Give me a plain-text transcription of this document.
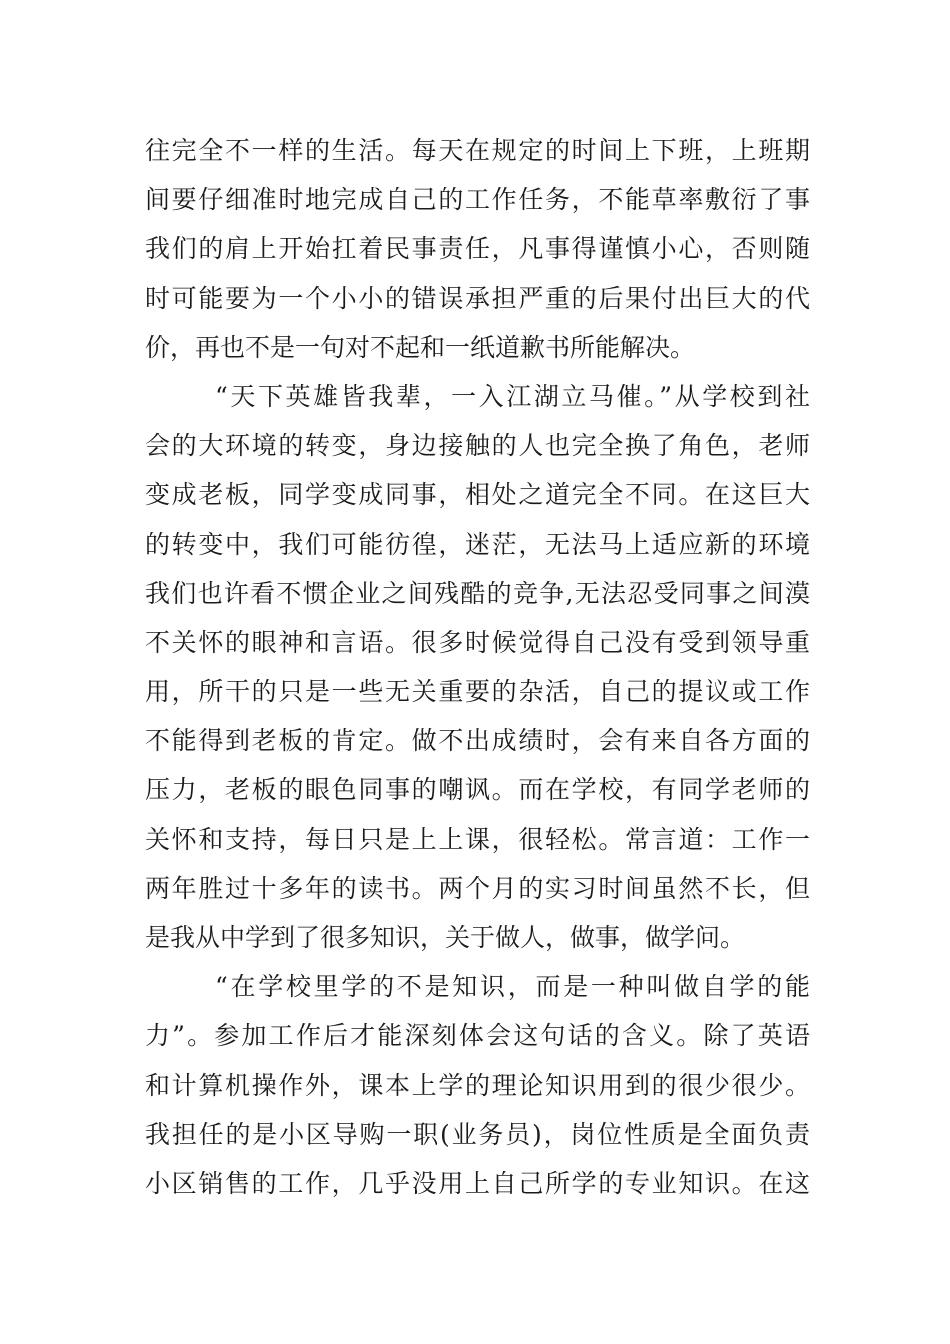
往完全不一样的生活。每天在规定的时间上下班，上班期
间要仔细准时地完成自己的工作任务，不能草率敷衍了事
我们的肩上开始扛着民事责任，凡事得谨慎小心，否则随
时可能要为一个小小的错误承担严重的后果付出巨大的代
价，再也不是一句对不起和一纸道歉书所能解决。
“天下英雄皆我辈，一入江湖立马催。”从学校到社
会的大环境的转变，身边接触的人也完全换了角色，老师
变成老板，同学变成同事，相处之道完全不同。在这巨大
的转变中，我们可能彷徨，迷茫，无法马上适应新的环境
我们也许看不惯企业之间残酷的竞争,无法忍受同事之间漠
不关怀的眼神和言语。很多时候觉得自己没有受到领导重
用，所干的只是一些无关重要的杂活，自己的提议或工作
不能得到老板的肯定。做不出成绩时，会有来自各方面的
压力，老板的眼色同事的嘲讽。而在学校，有同学老师的
关怀和支持，每日只是上上课，很轻松。常言道：工作一
两年胜过十多年的读书。两个月的实习时间虽然不长，但
是我从中学到了很多知识，关于做人，做事，做学问。
“在学校里学的不是知识，而是一种叫做自学的能
力”。参加工作后才能深刻体会这句话的含义。除了英语
和计算机操作外，课本上学的理论知识用到的很少很少。
我担任的是小区导购一职(业务员)，岗位性质是全面负责
小区销售的工作，几乎没用上自己所学的专业知识。在这
